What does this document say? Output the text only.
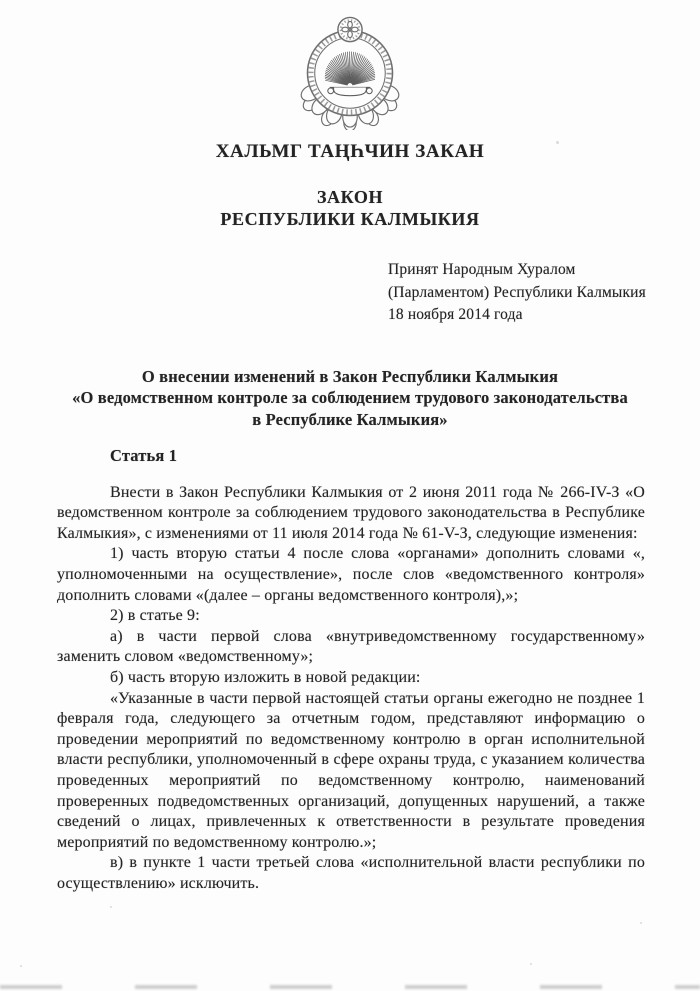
ХАЛЬМГ ТАҢҺЧИН ЗАКАН
ЗАКОН
РЕСПУБЛИКИ КАЛМЫКИЯ
Принят Народным Хуралом
(Парламентом) Республики Калмыкия
18 ноября 2014 года
О внесении изменений в Закон Республики Калмыкия
«О ведомственном контроле за соблюдением трудового законодательства
в Республике Калмыкия»

Статья 1

Внести в Закон Республики Калмыкия от 2 июня 2011 года № 266-IV-З «О ведомственном контроле за соблюдением трудового законодательства в Республике Калмыкия», с изменениями от 11 июля 2014 года № 61-V-З, следующие изменения:

1) часть вторую статьи 4 после слова «органами» дополнить словами «, уполномоченными на осуществление», после слов «ведомственного контроля» дополнить словами «(далее – органы ведомственного контроля),»;

2) в статье 9:

а) в части первой слова «внутриведомственному государственному» заменить словом «ведомственному»;

б) часть вторую изложить в новой редакции:

«Указанные в части первой настоящей статьи органы ежегодно не позднее 1 февраля года, следующего за отчетным годом, представляют информацию о проведении мероприятий по ведомственному контролю в орган исполнительной власти республики, уполномоченный в сфере охраны труда, с указанием количества проведенных мероприятий по ведомственному контролю, наименований проверенных подведомственных организаций, допущенных нарушений, а также сведений о лицах, привлеченных к ответственности в результате проведения мероприятий по ведомственному контролю.»;

в) в пункте 1 части третьей слова «исполнительной власти республики по осуществлению» исключить.
